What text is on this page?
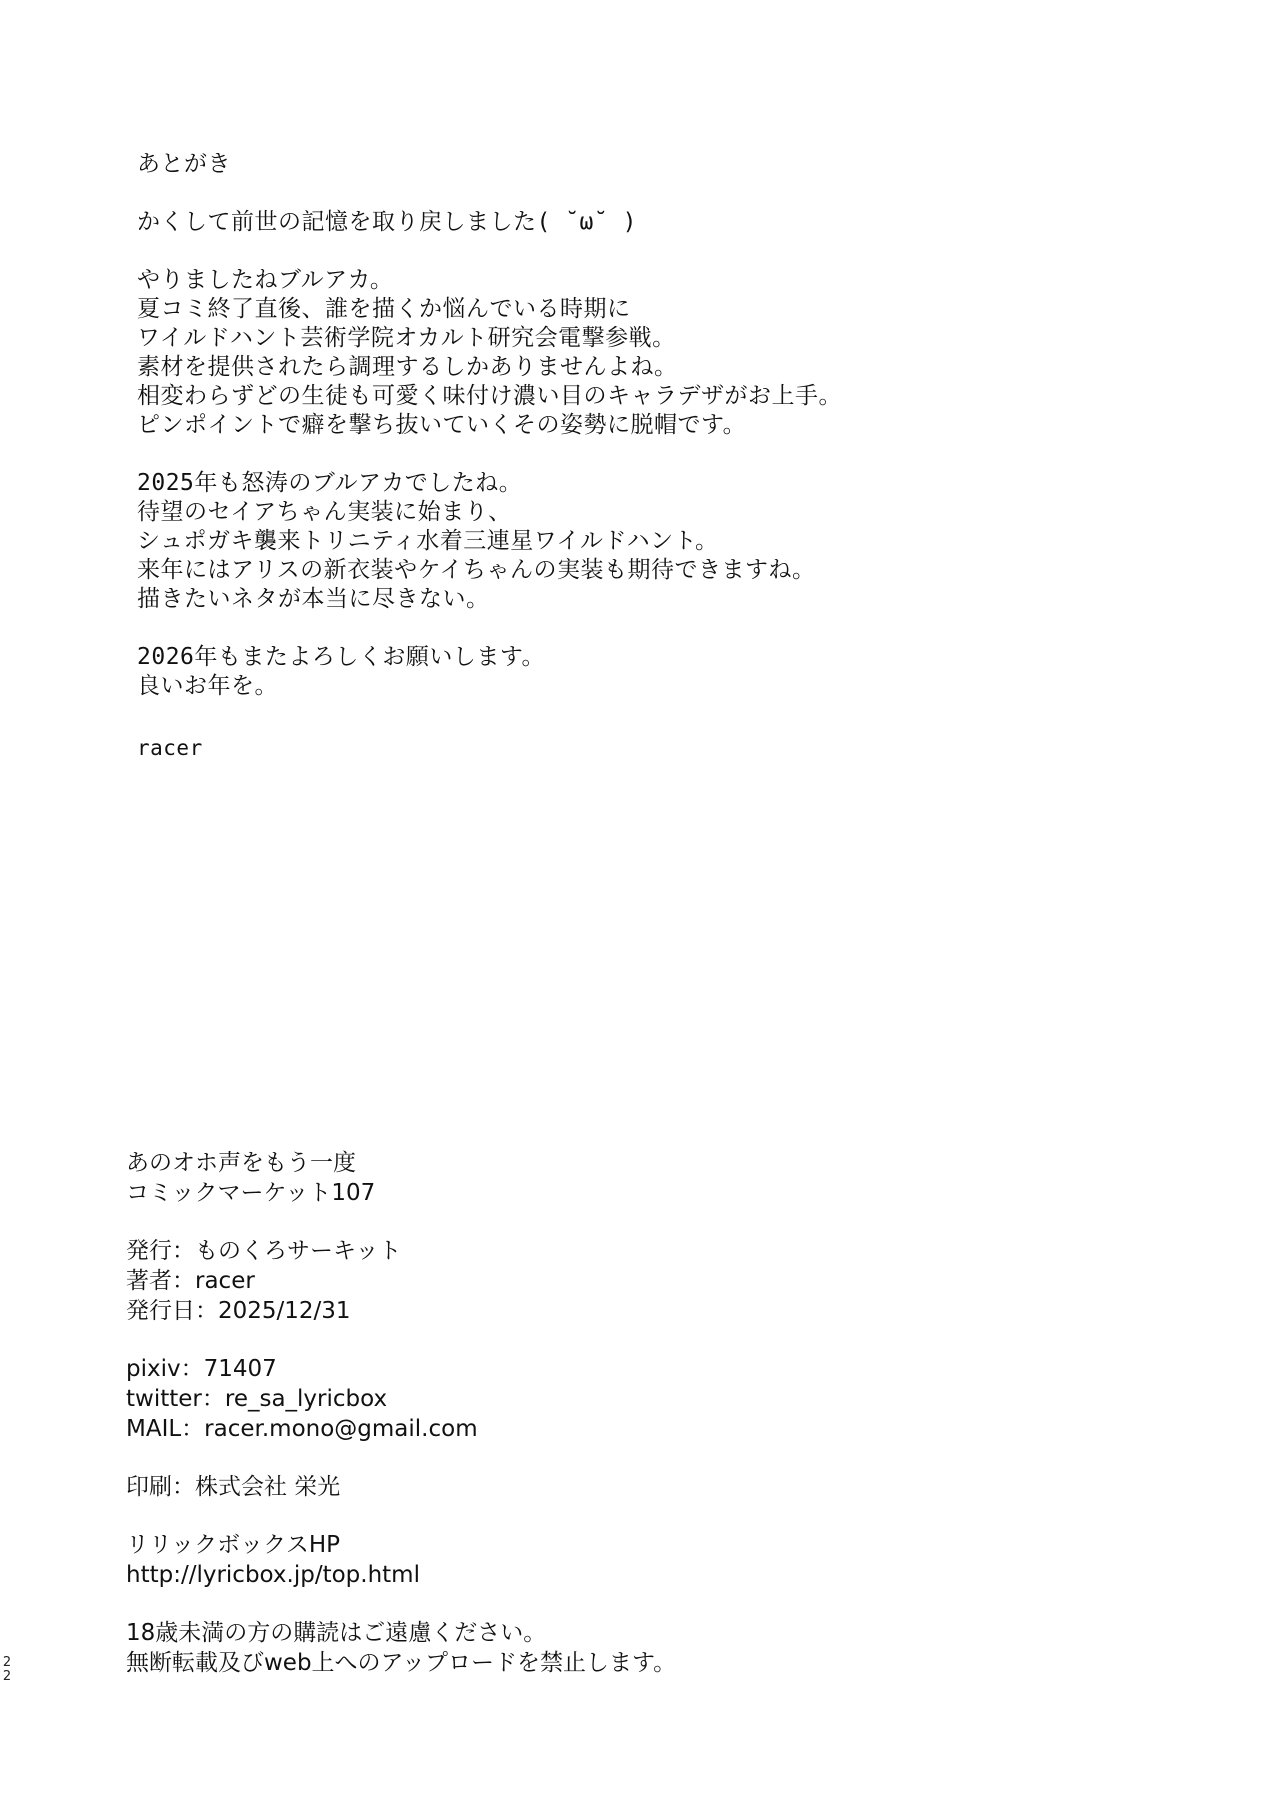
あとがき
かくして前世の記憶を取り戻しました( ˘ω˘ )
やりましたねブルアカ。
夏コミ終了直後、誰を描くか悩んでいる時期に
ワイルドハント芸術学院オカルト研究会電撃参戦。
素材を提供されたら調理するしかありませんよね。
相変わらずどの生徒も可愛く味付け濃い目のキャラデザがお上手。
ピンポイントで癖を撃ち抜いていくその姿勢に脱帽です。
2025年も怒涛のブルアカでしたね。
待望のセイアちゃん実装に始まり、
シュポガキ襲来トリニティ水着三連星ワイルドハント。
来年にはアリスの新衣装やケイちゃんの実装も期待できますね。
描きたいネタが本当に尽きない。
2026年もまたよろしくお願いします。
良いお年を。
racer
あのオホ声をもう一度
コミックマーケット107
発行：ものくろサーキット
著者：racer
発行日：2025/12/31
pixiv：71407
twitter：re_sa_lyricbox
MAIL：racer.mono@gmail.com
印刷：株式会社 栄光
リリックボックスHP
http://lyricbox.jp/top.html
18歳未満の方の購読はご遠慮ください。
無断転載及びweb上へのアップロードを禁止します。
2
2
